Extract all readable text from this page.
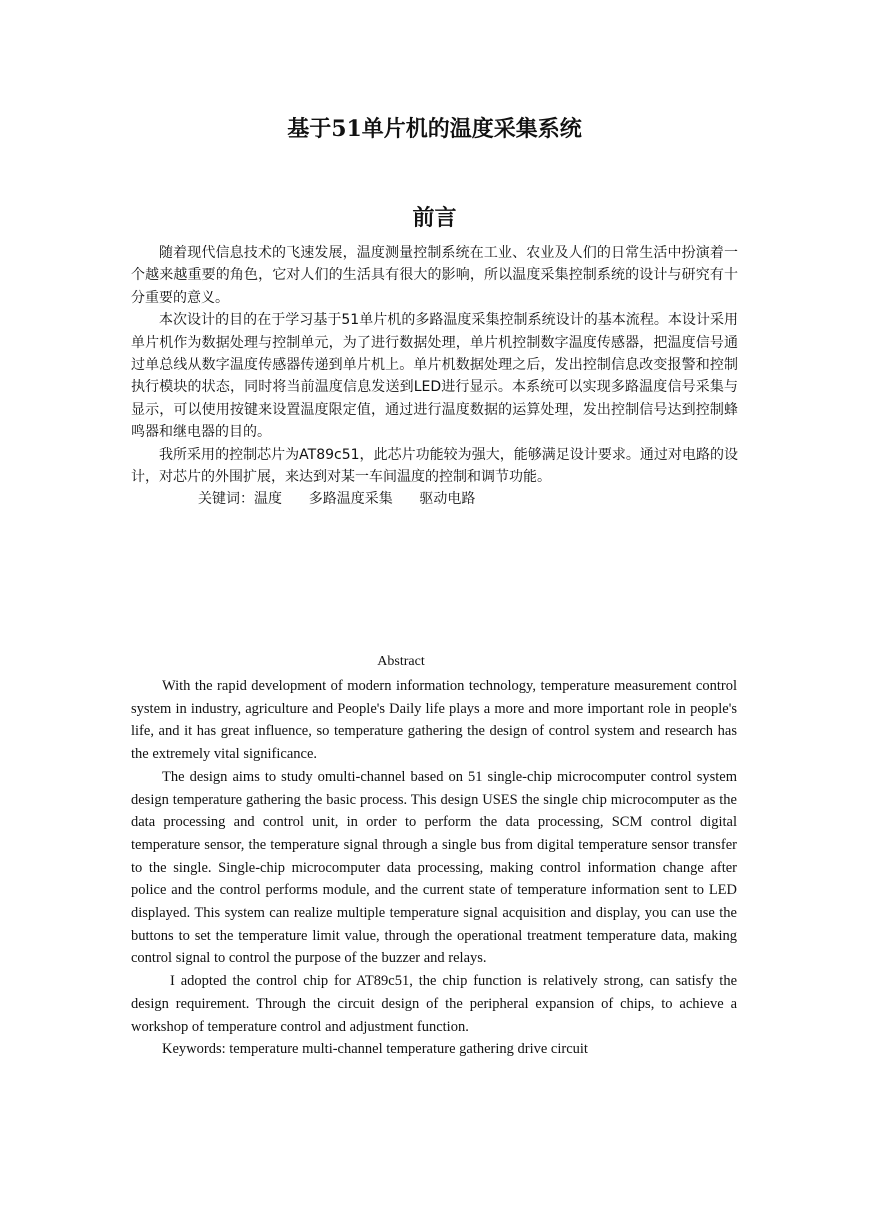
基于51单片机的温度采集系统
前言

随着现代信息技术的飞速发展，温度测量控制系统在工业、农业及人们的日常生活中扮演着一个越来越重要的角色，它对人们的生活具有很大的影响，所以温度采集控制系统的设计与研究有十分重要的意义。

本次设计的目的在于学习基于51单片机的多路温度采集控制系统设计的基本流程。本设计采用单片机作为数据处理与控制单元，为了进行数据处理，单片机控制数字温度传感器，把温度信号通过单总线从数字温度传感器传递到单片机上。单片机数据处理之后，发出控制信息改变报警和控制执行模块的状态，同时将当前温度信息发送到LED进行显示。本系统可以实现多路温度信号采集与显示，可以使用按键来设置温度限定值，通过进行温度数据的运算处理，发出控制信号达到控制蜂鸣器和继电器的目的。

我所采用的控制芯片为AT89c51，此芯片功能较为强大，能够满足设计要求。通过对电路的设计，对芯片的外围扩展，来达到对某一车间温度的控制和调节功能。

关键词：温度      多路温度采集      驱动电路

Abstract

With the rapid development of modern information technology, temperature measurement control system in industry, agriculture and People's Daily life plays a more and more important role in people's life, and it has great influence, so temperature gathering the design of control system and research has the extremely vital significance.

The design aims to study omulti-channel based on 51 single-chip microcomputer control system design temperature gathering the basic process. This design USES the single chip microcomputer as the data processing and control unit, in order to perform the data processing, SCM control digital temperature sensor, the temperature signal through a single bus from digital temperature sensor transfer to the single. Single-chip microcomputer data processing, making control information change after police and the control performs module, and the current state of temperature information sent to LED displayed. This system can realize multiple temperature signal acquisition and display, you can use the buttons to set the temperature limit value, through the operational treatment temperature data, making control signal to control the purpose of the buzzer and relays.

I adopted the control chip for AT89c51, the chip function is relatively strong, can satisfy the design requirement. Through the circuit design of the peripheral expansion of chips, to achieve a workshop of temperature control and adjustment function.

Keywords: temperature multi-channel temperature gathering drive circuit
